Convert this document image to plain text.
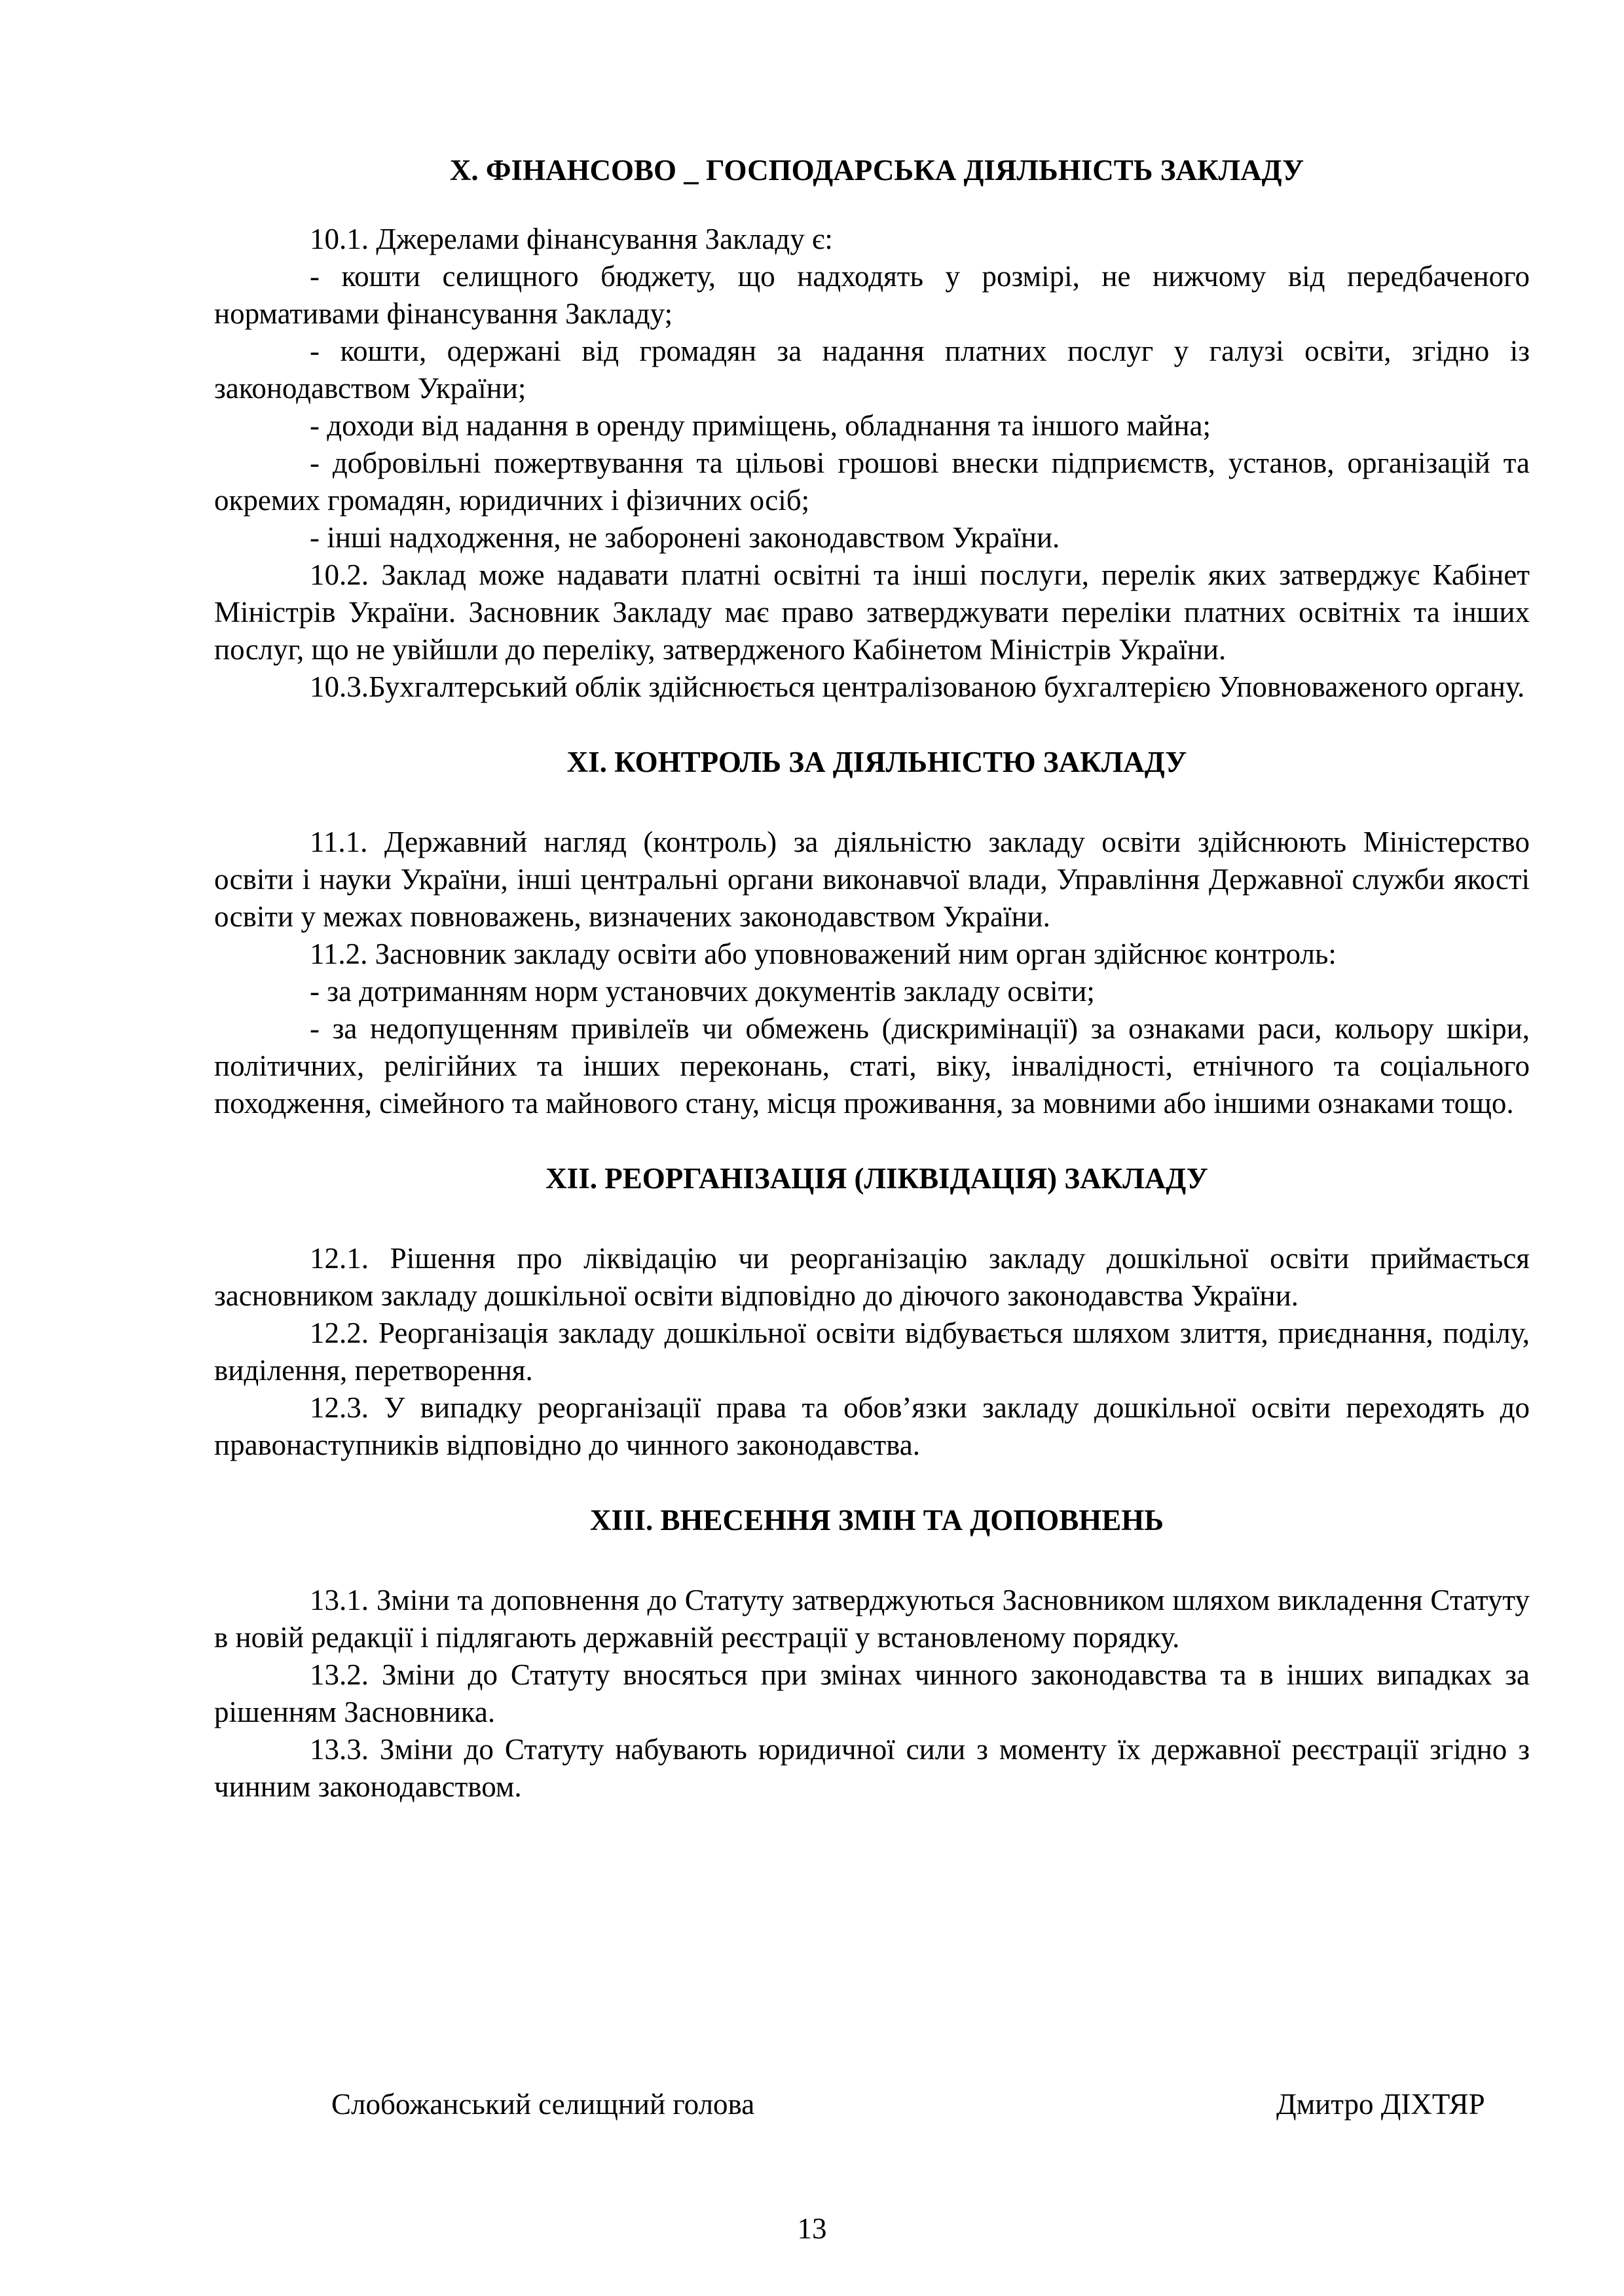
X. ФІНАНСОВО _ ГОСПОДАРСЬКА ДІЯЛЬНІСТЬ ЗАКЛАДУ

10.1. Джерелами фінансування Закладу є:

- кошти селищного бюджету, що надходять у розмірі, не нижчому від передбаченого нормативами фінансування Закладу;

- кошти, одержані від громадян за надання платних послуг у галузі освіти, згідно із законодавством України;

- доходи від надання в оренду приміщень, обладнання та іншого майна;

- добровільні пожертвування та цільові грошові внески підприємств, установ, організацій та окремих громадян, юридичних і фізичних осіб;

- інші надходження, не заборонені законодавством України.

10.2. Заклад може надавати платні освітні та інші послуги, перелік яких затверджує Кабінет Міністрів України. Засновник Закладу має право затверджувати переліки платних освітніх та інших послуг, що не увійшли до переліку, затвердженого Кабінетом Міністрів України.

10.3.Бухгалтерський облік здійснюється централізованою бухгалтерією Уповноваженого органу.

XI. КОНТРОЛЬ ЗА ДІЯЛЬНІСТЮ ЗАКЛАДУ

11.1. Державний нагляд (контроль) за діяльністю закладу освіти здійснюють Міністерство освіти і науки України, інші центральні органи виконавчої влади, Управління Державної служби якості освіти у межах повноважень, визначених законодавством України.

11.2. Засновник закладу освіти або уповноважений ним орган здійснює контроль:

- за дотриманням норм установчих документів закладу освіти;

- за недопущенням привілеїв чи обмежень (дискримінації) за ознаками раси, кольору шкіри, політичних, релігійних та інших переконань, статі, віку, інвалідності, етнічного та соціального походження, сімейного та майнового стану, місця проживання, за мовними або іншими ознаками тощо.

XII. РЕОРГАНІЗАЦІЯ (ЛІКВІДАЦІЯ) ЗАКЛАДУ

12.1. Рішення про ліквідацію чи реорганізацію закладу дошкільної освіти приймається засновником закладу дошкільної освіти відповідно до діючого законодавства України.

12.2. Реорганізація закладу дошкільної освіти відбувається шляхом злиття, приєднання, поділу, виділення, перетворення.

12.3. У випадку реорганізації права та обов’язки закладу дошкільної освіти переходять до правонаступників відповідно до чинного законодавства.

XIII. ВНЕСЕННЯ ЗМІН ТА ДОПОВНЕНЬ

13.1. Зміни та доповнення до Статуту затверджуються Засновником шляхом викладення Статуту в новій редакції і підлягають державній реєстрації у встановленому порядку.

13.2. Зміни до Статуту вносяться при змінах чинного законодавства та в інших випадках за рішенням Засновника.

13.3. Зміни до Статуту набувають юридичної сили з моменту їх державної реєстрації згідно з чинним законодавством.

Слобожанський селищний голова	Дмитро ДІХТЯР
13
